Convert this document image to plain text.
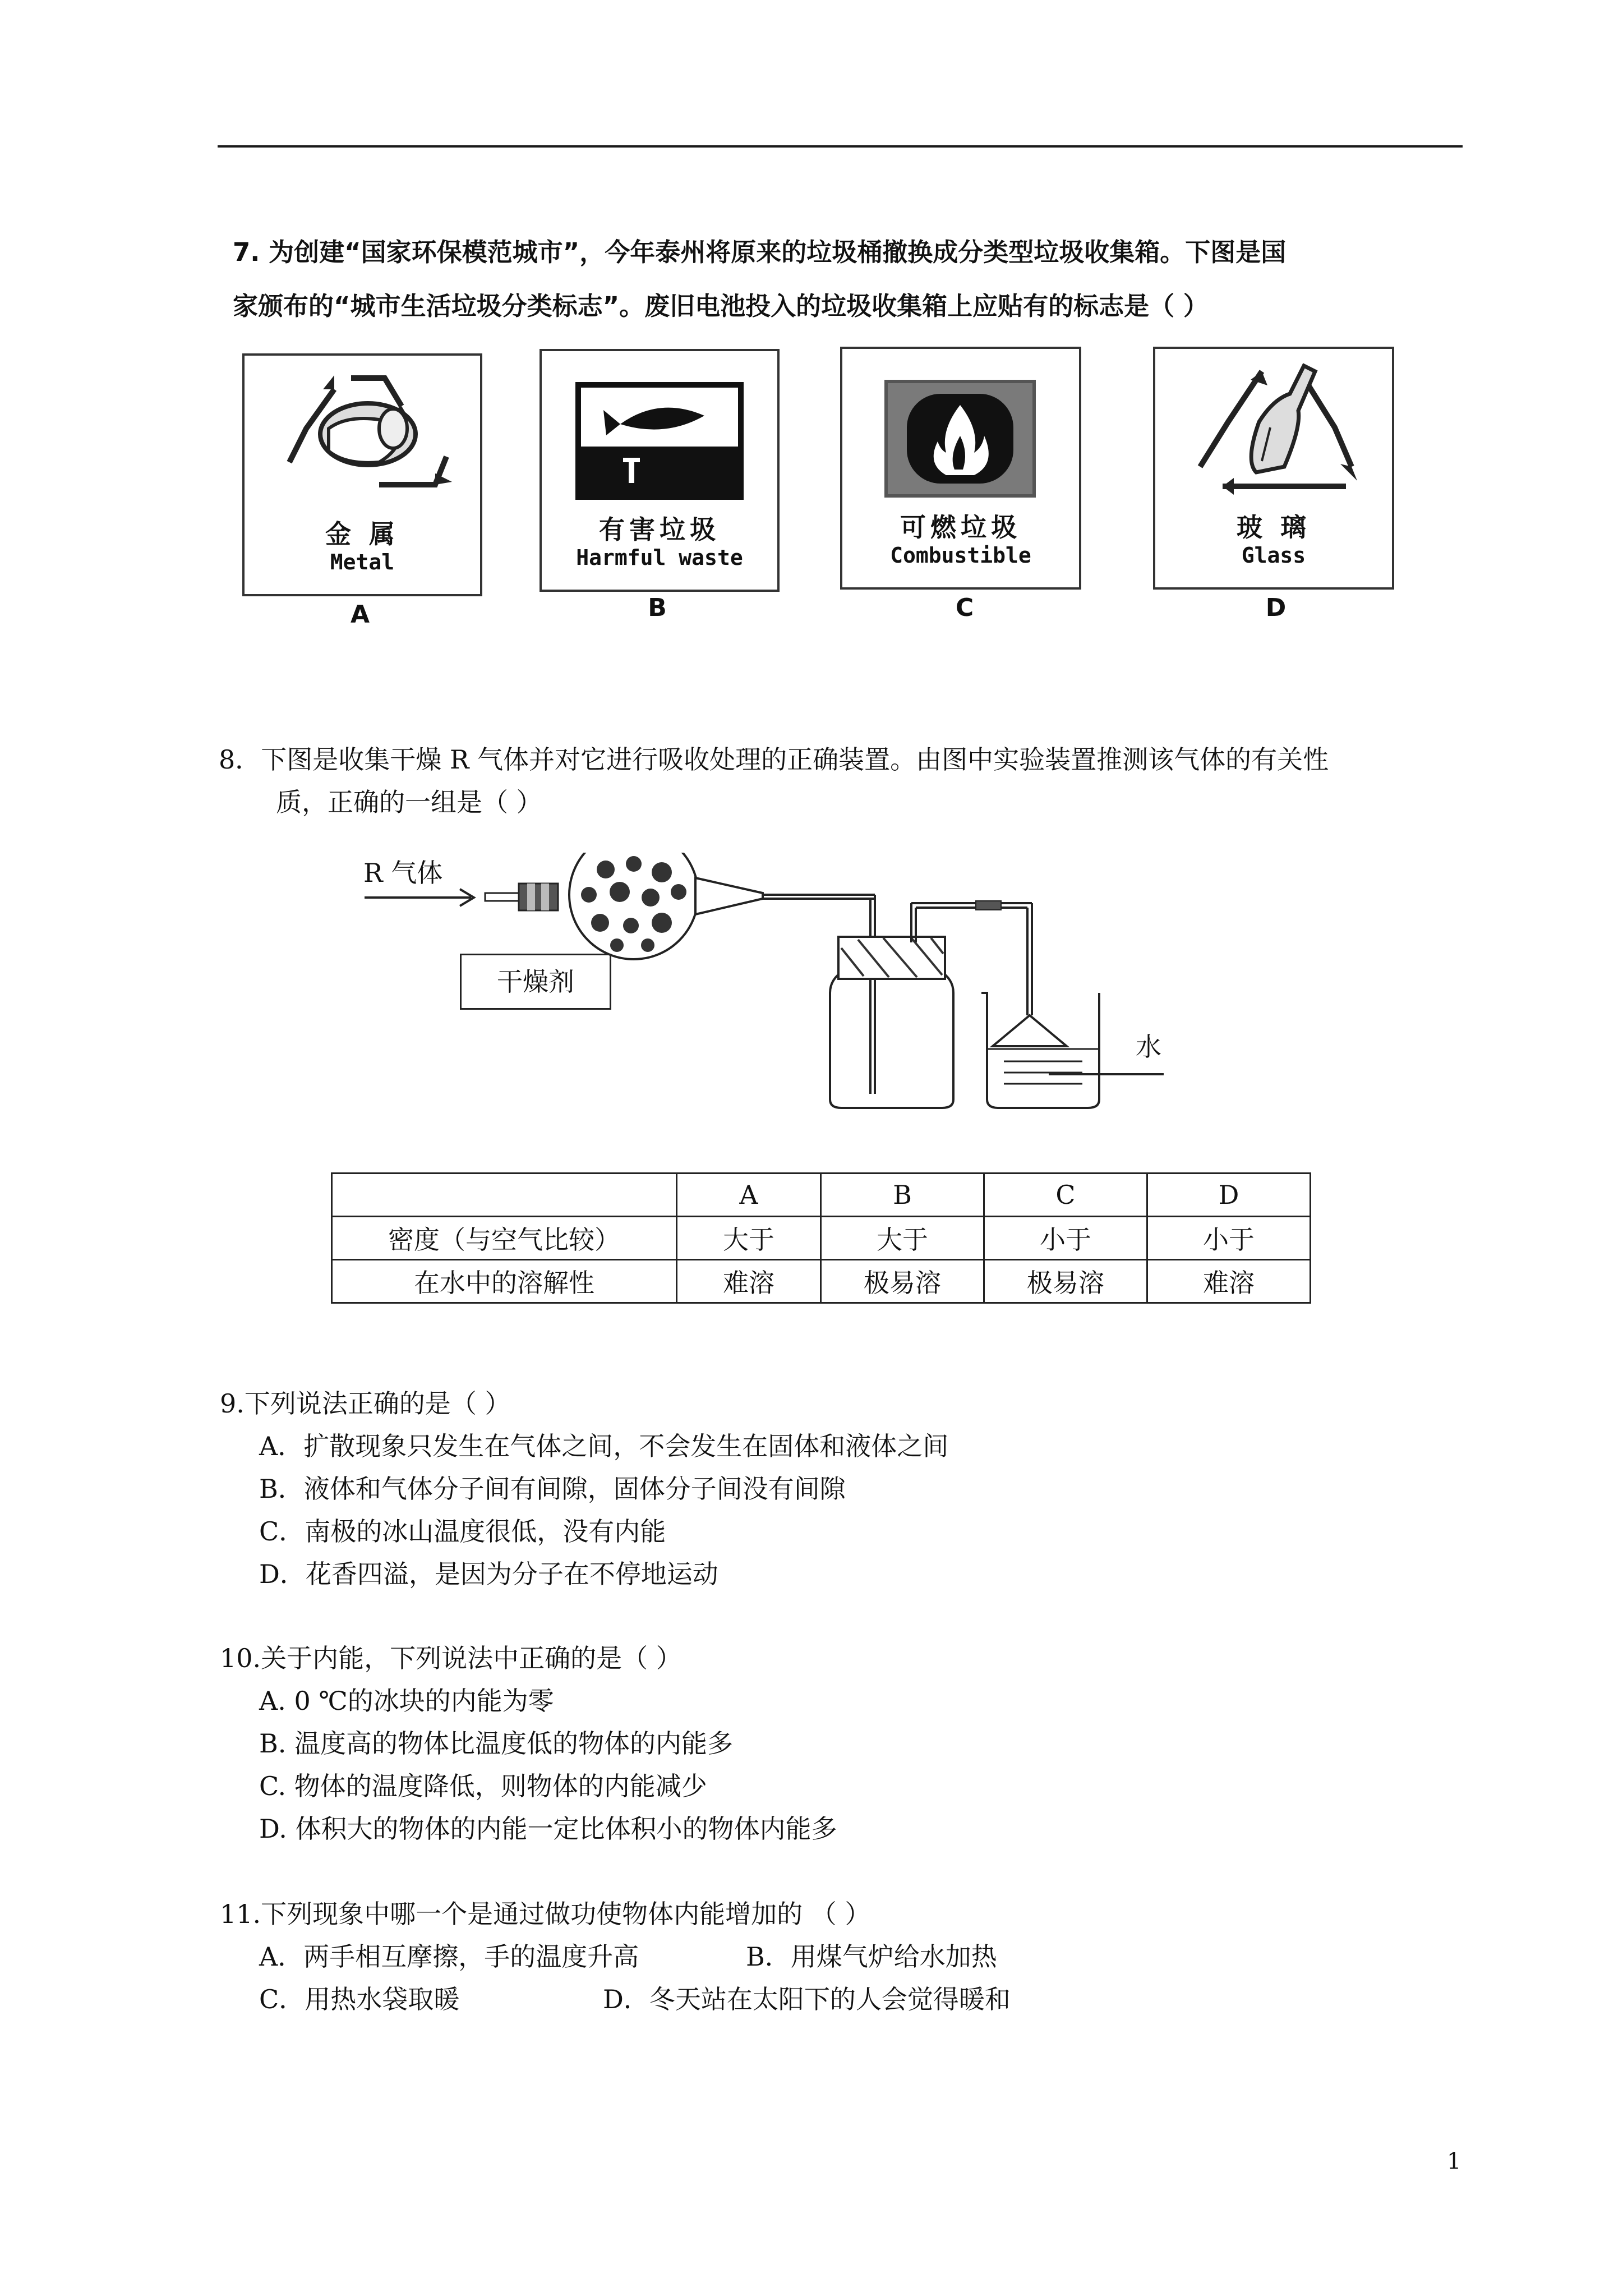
7. 为创建“国家环保模范城市”，今年泰州将原来的垃圾桶撤换成分类型垃圾收集箱。下图是国
家颁布的“城市生活垃圾分类标志”。废旧电池投入的垃圾收集箱上应贴有的标志是（ ）
金 属
Metal
A
有害垃圾
Harmful waste
B
可燃垃圾
Combustible
C
玻 璃
Glass
D
8．下图是收集干燥 R 气体并对它进行吸收处理的正确装置。由图中实验装置推测该气体的有关性
质，正确的一组是（ ）
R 气体
干燥剂
水
	A	B	C	D
密度（与空气比较）	大于	大于	小于	小于
在水中的溶解性	难溶	极易溶	极易溶	难溶
9.下列说法正确的是（ ）
A．扩散现象只发生在气体之间，不会发生在固体和液体之间
B．液体和气体分子间有间隙，固体分子间没有间隙
C．南极的冰山温度很低，没有内能
D．花香四溢，是因为分子在不停地运动
10.关于内能，下列说法中正确的是（ ）
A. 0 ℃的冰块的内能为零
B. 温度高的物体比温度低的物体的内能多
C. 物体的温度降低，则物体的内能减少
D. 体积大的物体的内能一定比体积小的物体内能多
11.下列现象中哪一个是通过做功使物体内能增加的 （ ）
A．两手相互摩擦，手的温度升高	B．用煤气炉给水加热
C．用热水袋取暖	D．冬天站在太阳下的人会觉得暖和
1
